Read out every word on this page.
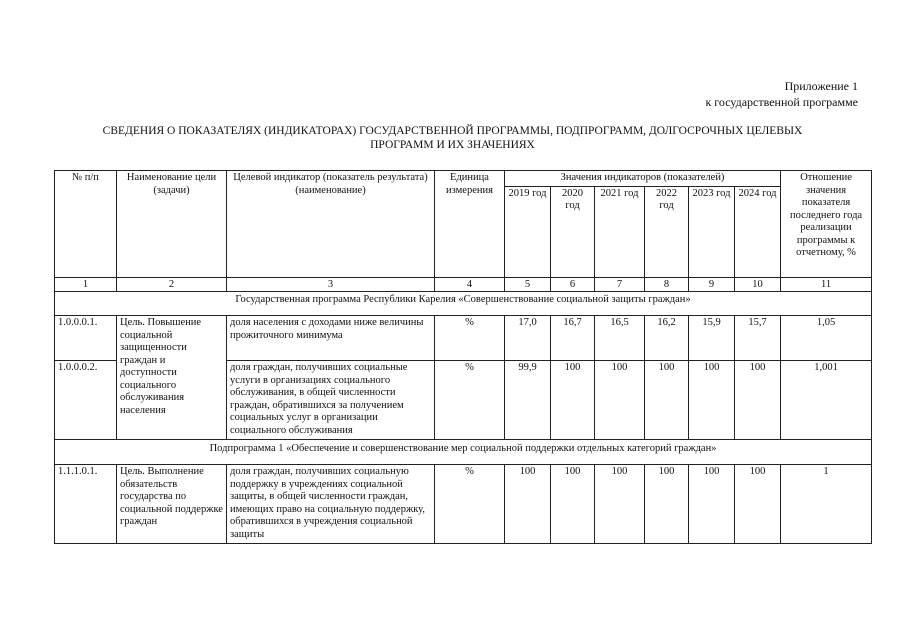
Приложение 1
к государственной программе
СВЕДЕНИЯ О ПОКАЗАТЕЛЯХ (ИНДИКАТОРАХ) ГОСУДАРСТВЕННОЙ ПРОГРАММЫ, ПОДПРОГРАММ, ДОЛГОСРОЧНЫХ ЦЕЛЕВЫХ
ПРОГРАММ И ИХ ЗНАЧЕНИЯХ
№ п/п	Наименование цели (задачи)	Целевой индикатор (показатель результата) (наименование)	Единица измерения	Значения индикаторов (показателей)						Отношение значения показателя последнего года реализации программы к отчетному, %
				2019 год	2020 год	2021 год	2022 год	2023 год	2024 год	
1	2	3	4	5	6	7	8	9	10	11
Государственная программа Республики Карелия «Совершенствование социальной защиты граждан»										
1.0.0.0.1.	Цель. Повышение социальной защищенности граждан и доступности социального обслуживания населения	доля населения с доходами ниже величины прожиточного минимума	%	17,0	16,7	16,5	16,2	15,9	15,7	1,05
1.0.0.0.2.		доля граждан, получивших социальные услуги в организациях социального обслуживания, в общей численности граждан, обратившихся за получением социальных услуг в организации социального обслуживания	%	99,9	100	100	100	100	100	1,001
Подпрограмма 1 «Обеспечение и совершенствование мер социальной поддержки отдельных категорий граждан»										
1.1.1.0.1.	Цель. Выполнение обязательств государства по социальной поддержке граждан	доля граждан, получивших социальную поддержку в учреждениях социальной защиты, в общей численности граждан, имеющих право на социальную поддержку, обратившихся в учреждения социальной защиты	%	100	100	100	100	100	100	1
